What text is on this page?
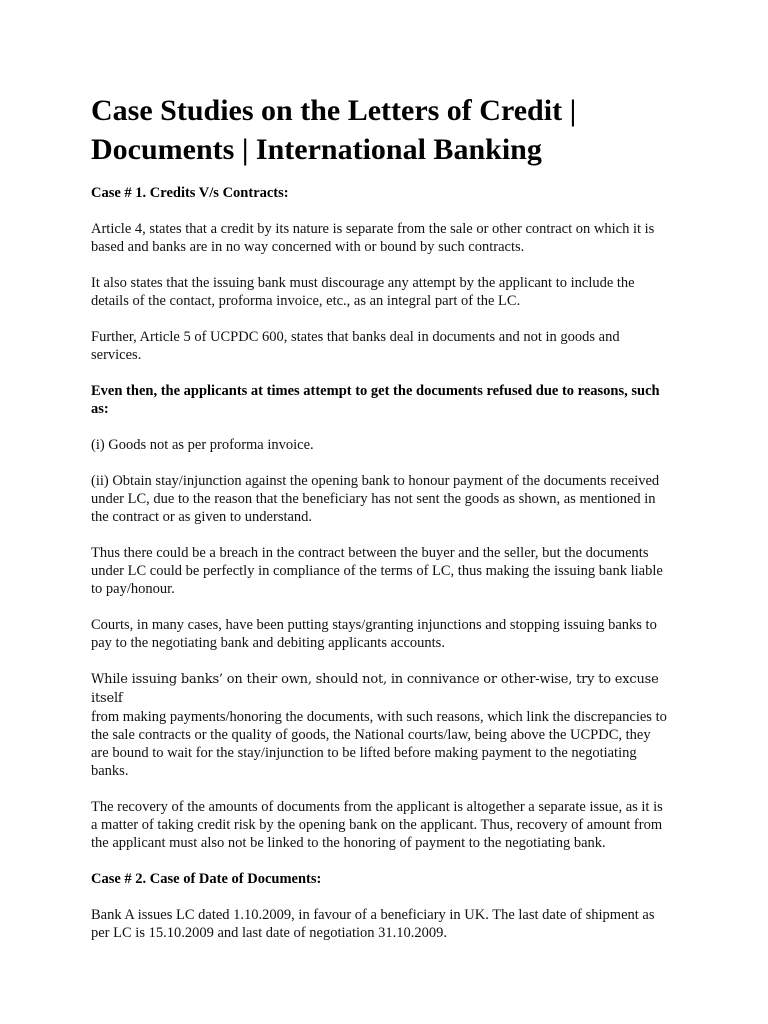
Case Studies on the Letters of Credit | Documents | International Banking

Case # 1. Credits V/s Contracts:

Article 4, states that a credit by its nature is separate from the sale or other contract on which it is based and banks are in no way concerned with or bound by such contracts.

It also states that the issuing bank must discourage any attempt by the applicant to include the details of the contact, proforma invoice, etc., as an integral part of the LC.

Further, Article 5 of UCPDC 600, states that banks deal in documents and not in goods and services.

Even then, the applicants at times attempt to get the documents refused due to reasons, such as:

(i) Goods not as per proforma invoice.

(ii) Obtain stay/injunction against the opening bank to honour payment of the documents received under LC, due to the reason that the beneficiary has not sent the goods as shown, as mentioned in the contract or as given to understand.

Thus there could be a breach in the contract between the buyer and the seller, but the documents under LC could be perfectly in compliance of the terms of LC, thus making the issuing bank liable to pay/honour.

Courts, in many cases, have been putting stays/granting injunctions and stopping issuing banks to pay to the negotiating bank and debiting applicants accounts.

While issuing banks’ on their own, should not, in connivance or other-wise, try to excuse itself
from making payments/honoring the documents, with such reasons, which link the discrepancies to the sale contracts or the quality of goods, the National courts/law, being above the UCPDC, they are bound to wait for the stay/injunction to be lifted before making payment to the negotiating banks.

The recovery of the amounts of documents from the applicant is altogether a separate issue, as it is a matter of taking credit risk by the opening bank on the applicant. Thus, recovery of amount from the applicant must also not be linked to the honoring of payment to the negotiating bank.

Case # 2. Case of Date of Documents:

Bank A issues LC dated 1.10.2009, in favour of a beneficiary in UK. The last date of shipment as per LC is 15.10.2009 and last date of negotiation 31.10.2009.
